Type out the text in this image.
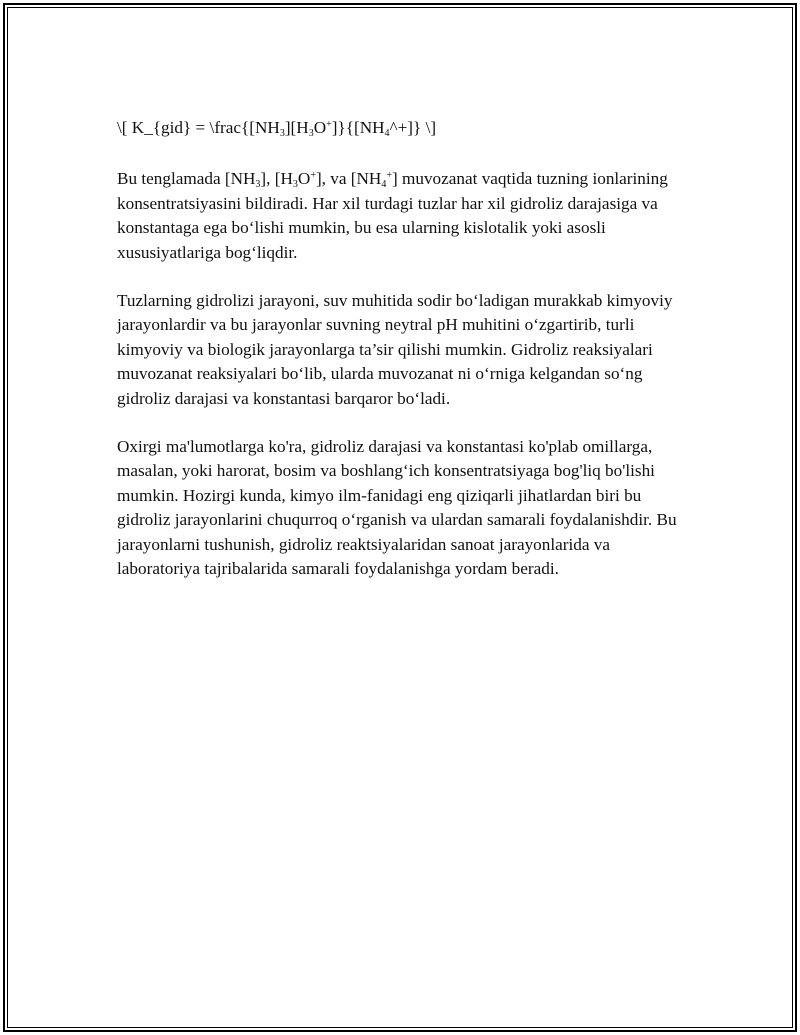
\[ K_{gid} = $\backslash frac\{[NH_3][H_3O^+]\}\{[NH_4\^{}+]\}$ \]

Bu tenglamada $[NH_3]$, $[H_3O^+]$, va $[NH_4^+]$ muvozanat vaqtida tuzning ionlarining konsentratsiyasini bildiradi. Har xil turdagi tuzlar har xil gidroliz darajasiga va konstantaga ega bo‘lishi mumkin, bu esa ularning kislotalik yoki asosli xususiyatlariga bog‘liqdir.

Tuzlarning gidrolizi jarayoni, suv muhitida sodir bo‘ladigan murakkab kimyoviy jarayonlardir va bu jarayonlar suvning neytral pH muhitini o‘zgartirib, turli kimyoviy va biologik jarayonlarga ta’sir qilishi mumkin. Gidroliz reaksiyalari muvozanat reaksiyalari bo‘lib, ularda muvozanat ni o‘rniga kelgandan so‘ng gidroliz darajasi va konstantasi barqaror bo‘ladi.

Oxirgi ma'lumotlarga ko'ra, gidroliz darajasi va konstantasi ko'plab omillarga, masalan, yoki harorat, bosim va boshlang‘ich konsentratsiyaga bog'liq bo'lishi mumkin. Hozirgi kunda, kimyo ilm-fanidagi eng qiziqarli jihatlardan biri bu gidroliz jarayonlarini chuqurroq o‘rganish va ulardan samarali foydalanishdir. Bu jarayonlarni tushunish, gidroliz reaktsiyalaridan sanoat jarayonlarida va laboratoriya tajribalarida samarali foydalanishga yordam beradi.
